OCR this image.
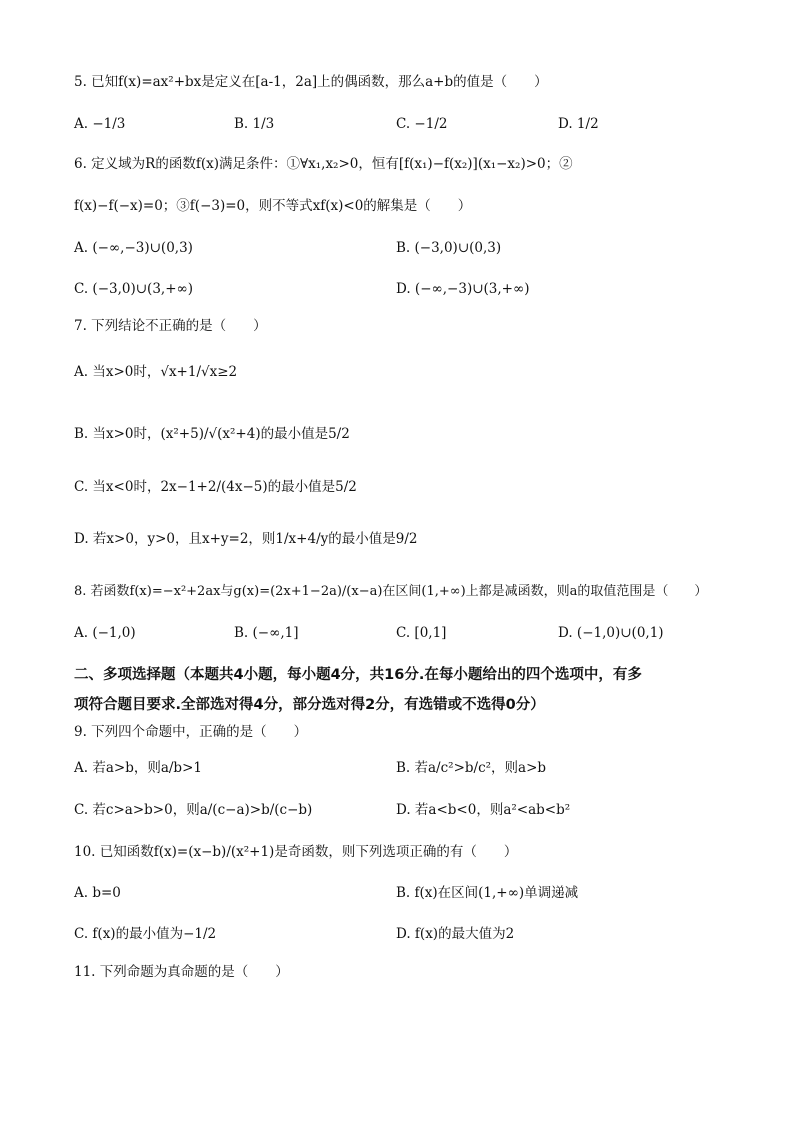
5. 已知f(x)=ax²+bx是定义在[a-1，2a]上的偶函数，那么a+b的值是（　　）
A. −1/3	B. 1/3	C. −1/2	D. 1/2
6. 定义域为R的函数f(x)满足条件：①∀x₁,x₂>0，恒有[f(x₁)−f(x₂)](x₁−x₂)>0；②
f(x)−f(−x)=0；③f(−3)=0，则不等式xf(x)<0的解集是（　　）
A. (−∞,−3)∪(0,3)	B. (−3,0)∪(0,3)
C. (−3,0)∪(3,+∞)	D. (−∞,−3)∪(3,+∞)
7. 下列结论不正确的是（　　）
A. 当x>0时，√x+1/√x≥2
B. 当x>0时，(x²+5)/√(x²+4)的最小值是5/2
C. 当x<0时，2x−1+2/(4x−5)的最小值是5/2
D. 若x>0，y>0，且x+y=2，则1/x+4/y的最小值是9/2
8. 若函数f(x)=−x²+2ax与g(x)=(2x+1−2a)/(x−a)在区间(1,+∞)上都是减函数，则a的取值范围是（　　）
A. (−1,0)	B. (−∞,1]	C. [0,1]	D. (−1,0)∪(0,1)
二、多项选择题（本题共4小题，每小题4分，共16分.在每小题给出的四个选项中，有多
项符合题目要求.全部选对得4分，部分选对得2分，有选错或不选得0分）
9. 下列四个命题中，正确的是（　　）
A. 若a>b，则a/b>1	B. 若a/c²>b/c²，则a>b
C. 若c>a>b>0，则a/(c−a)>b/(c−b)	D. 若a<b<0，则a²<ab<b²
10. 已知函数f(x)=(x−b)/(x²+1)是奇函数，则下列选项正确的有（　　）
A. b=0	B. f(x)在区间(1,+∞)单调递减
C. f(x)的最小值为−1/2	D. f(x)的最大值为2
11. 下列命题为真命题的是（　　）
